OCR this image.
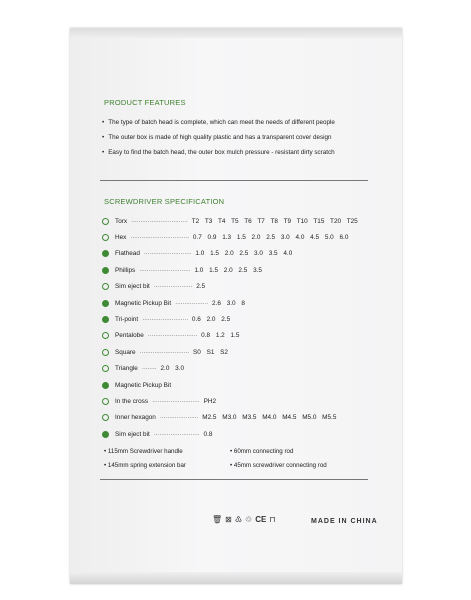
PRODUCT FEATURES
• The type of batch head is complete, which can meet the needs of different people
• The outer box is made of high quality plastic and has a transparent cover design
• Easy to find the batch head, the outer box mulch pressure - resistant dirty scratch
SCREWDRIVER SPECIFICATION
Torx ······························· T2 T3 T4 T5 T6 T7 T8 T9 T10 T15 T20 T25
Hex ································ 0.7 0.9 1.3 1.5 2.0 2.5 3.0 4.0 4.5 5.0 6.0
Flathead ·························· 1.0 1.5 2.0 2.5 3.0 3.5 4.0
Phillips ···························· 1.0 1.5 2.0 2.5 3.5
Sim eject bit ····················· 2.5
Magnetic Pickup Bit ·················· 2.6 3.0 8
Tri-point ························· 0.6 2.0 2.5
Pentalobe ··························· 0.8 1.2 1.5
Square ··························· S0 S1 S2
Triangle ········ 2.0 3.0
Magnetic Pickup Bit
In the cross ·························· PH2
Inner hexagon ····················· M2.5 M3.0 M3.5 M4.0 M4.5 M5.0 M5.5
Sim eject bit ························· 0.8
• 115mm Screwdriver handle	• 60mm connecting rod
• 145mm spring extension bar	• 45mm screwdriver connecting rod
🗑 ⊠ ♳ ♲ CE ⊓	MADE IN CHINA
